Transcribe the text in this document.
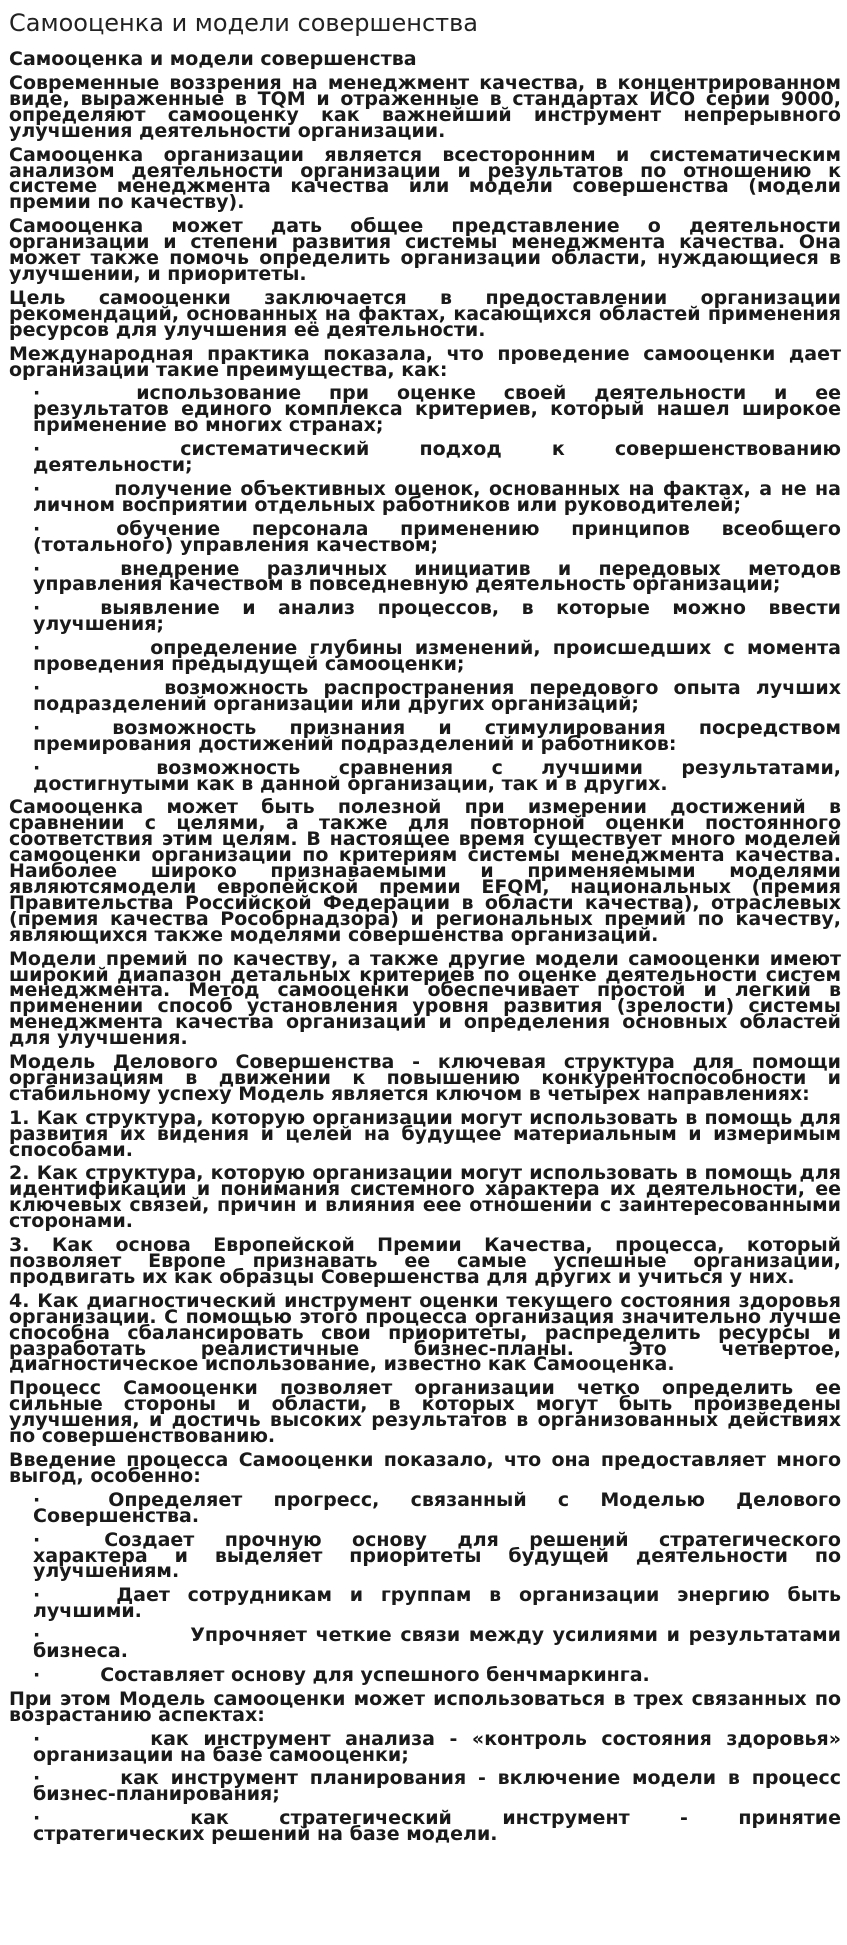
Самооценка и модели совершенства
Самооценка и модели совершенства

Современные воззрения на менеджмент качества, в концентрированном виде, выраженные в TQM и отраженные в стандартах ИСО серии 9000, определяют самооценку как важнейший инструмент непрерывного улучшения деятельности организации.

Самооценка организации является всесторонним и систематическим анализом деятельности организации и результатов по отношению к системе менеджмента качества или модели совершенства (модели премии по качеству).

Самооценка может дать общее представление о деятельности организации и степени развития системы менеджмента качества. Она может также помочь определить организации области, нуждающиеся в улучшении, и приоритеты.

Цель самооценки заключается в предоставлении организации рекомендаций, основанных на фактах, касающихся областей применения ресурсов для улучшения её деятельности.

Международная практика показала, что проведение самооценки дает организации такие преимущества, как:

·	использование при оценке своей деятельности и ее результатов единого комплекса критериев, который нашел широкое применение во многих странах;

·	систематический подход к совершенствованию деятельности;

·	получение объективных оценок, основанных на фактах, а не на личном восприятии отдельных работников или руководителей;

·	обучение персонала применению принципов всеобщего (тотального) управления качеством;

·	внедрение различных инициатив и передовых методов управления качеством в повседневную деятельность организации;

·	выявление и анализ процессов, в которые можно ввести улучшения;

·	определение глубины изменений, происшедших с момента проведения предыдущей самооценки;

·	возможность распространения передового опыта лучших подразделений организации или других организаций;

·	возможность признания и стимулирования посредством премирования достижений подразделений и работников:

·	возможность сравнения с лучшими результатами, достигнутыми как в данной организации, так и в других.

Самооценка может быть полезной при измерении достижений в сравнении с целями, а также для повторной оценки постоянного соответствия этим целям. В настоящее время существует много моделей самооценки организации по критериям системы менеджмента качества. Наиболее широко признаваемыми и применяемыми моделями являютсямодели европейской премии EFQM, национальных (премия Правительства Российской Федерации в области качества), отраслевых (премия качества Рособрнадзора) и региональных премий по качеству, являющихся также моделями совершенства организаций.

Модели премий по качеству, а также другие модели самооценки имеют широкий диапазон детальных критериев по оценке деятельности систем менеджмента. Метод самооценки обеспечивает простой и легкий в применении способ установления уровня развития (зрелости) системы менеджмента качества организации и определения основных областей для улучшения.

Модель Делового Совершенства - ключевая структура для помощи организациям в движении к повышению конкурентоспособности и стабильному успеху Модель является ключом в четырех направлениях:

1. Как структура, которую организации могут использовать в помощь для развития их видения и целей на будущее материальным и измеримым способами.

2. Как структура, которую организации могут использовать в помощь для идентификации и понимания системного характера их деятельности, ее ключевых связей, причин и влияния еее отношении с заинтересованными сторонами.

3. Как основа Европейской Премии Качества, процесса, который позволяет Европе признавать ее самые успешные организации, продвигать их как образцы Совершенства для других и учиться у них.

4. Как диагностический инструмент оценки текущего состояния здоровья организации. С помощью этого процесса организация значительно лучше способна сбалансировать свои приоритеты, распределить ресурсы и разработать реалистичные бизнес-планы. Это четвертое, диагностическое использование, известно как Самооценка.

Процесс Самооценки позволяет организации четко определить ее сильные стороны и области, в которых могут быть произведены улучшения, и достичь высоких результатов в организованных действиях по совершенствованию.

Введение процесса Самооценки показало, что она предоставляет много выгод, особенно:

·	Определяет прогресс, связанный с Моделью Делового Совершенства.

·	Создает прочную основу для решений стратегического характера и выделяет приоритеты будущей деятельности по улучшениям.

·	Дает сотрудникам и группам в организации энергию быть лучшими.

·	Упрочняет четкие связи между усилиями и результатами бизнеса.

·	Составляет основу для успешного бенчмаркинга.

При этом Модель самооценки может использоваться в трех связанных по возрастанию аспектах:

·	как инструмент анализа - «контроль состояния здоровья» организации на базе самооценки;

·	как инструмент планирования - включение модели в процесс бизнес-планирования;

·	как стратегический инструмент - принятие стратегических решений на базе модели.
